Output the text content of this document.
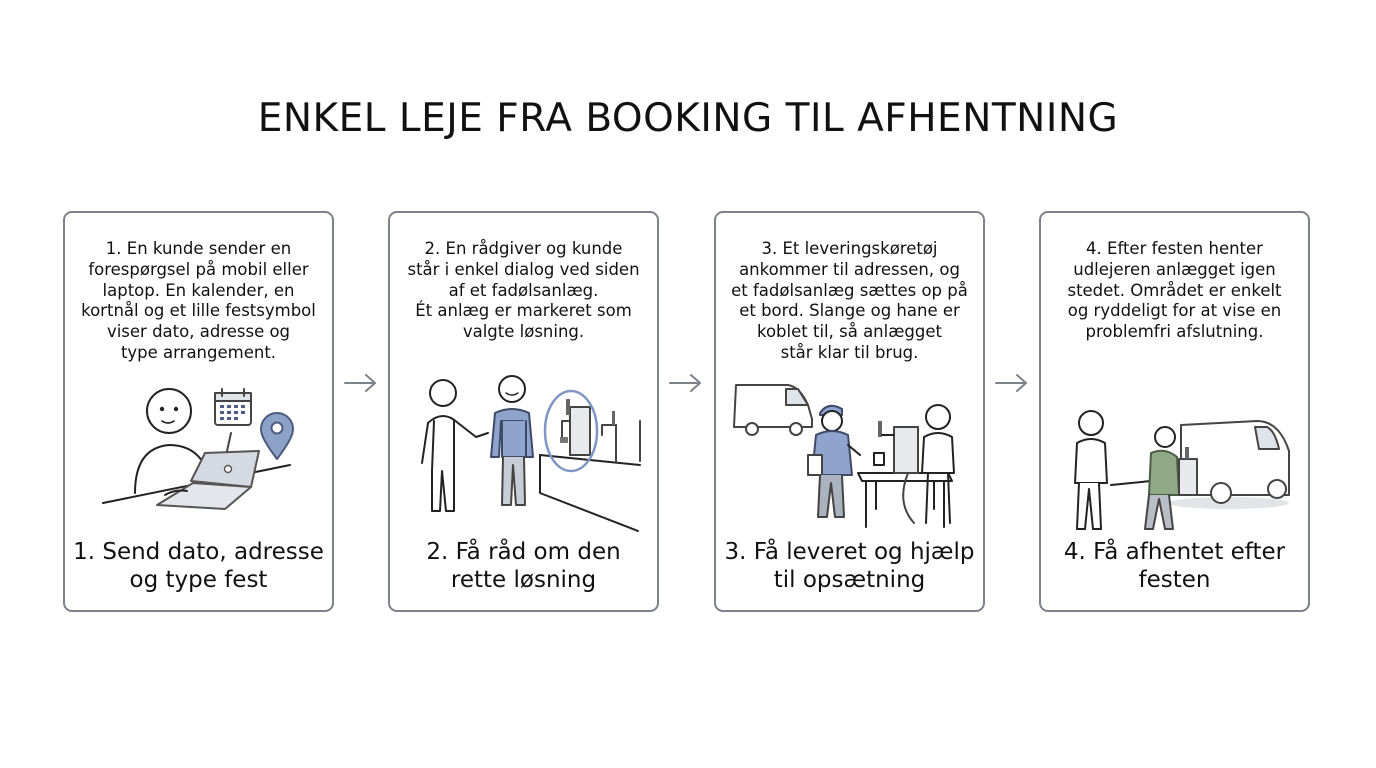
ENKEL LEJE FRA BOOKING TIL AFHENTNING
1. En kunde sender en
forespørgsel på mobil eller
laptop. En kalender, en
kortnål og et lille festsymbol
viser dato, adresse og
type arrangement.
1. Send dato, adresse
og type fest
2. En rådgiver og kunde
står i enkel dialog ved siden
af et fadølsanlæg.
Ét anlæg er markeret som
valgte løsning.
2. Få råd om den
rette løsning
3. Et leveringskøretøj
ankommer til adressen, og
et fadølsanlæg sættes op på
et bord. Slange og hane er
koblet til, så anlægget
står klar til brug.
3. Få leveret og hjælp
til opsætning
4. Efter festen henter
udlejeren anlægget igen
stedet. Området er enkelt
og ryddeligt for at vise en
problemfri afslutning.
4. Få afhentet efter
festen
